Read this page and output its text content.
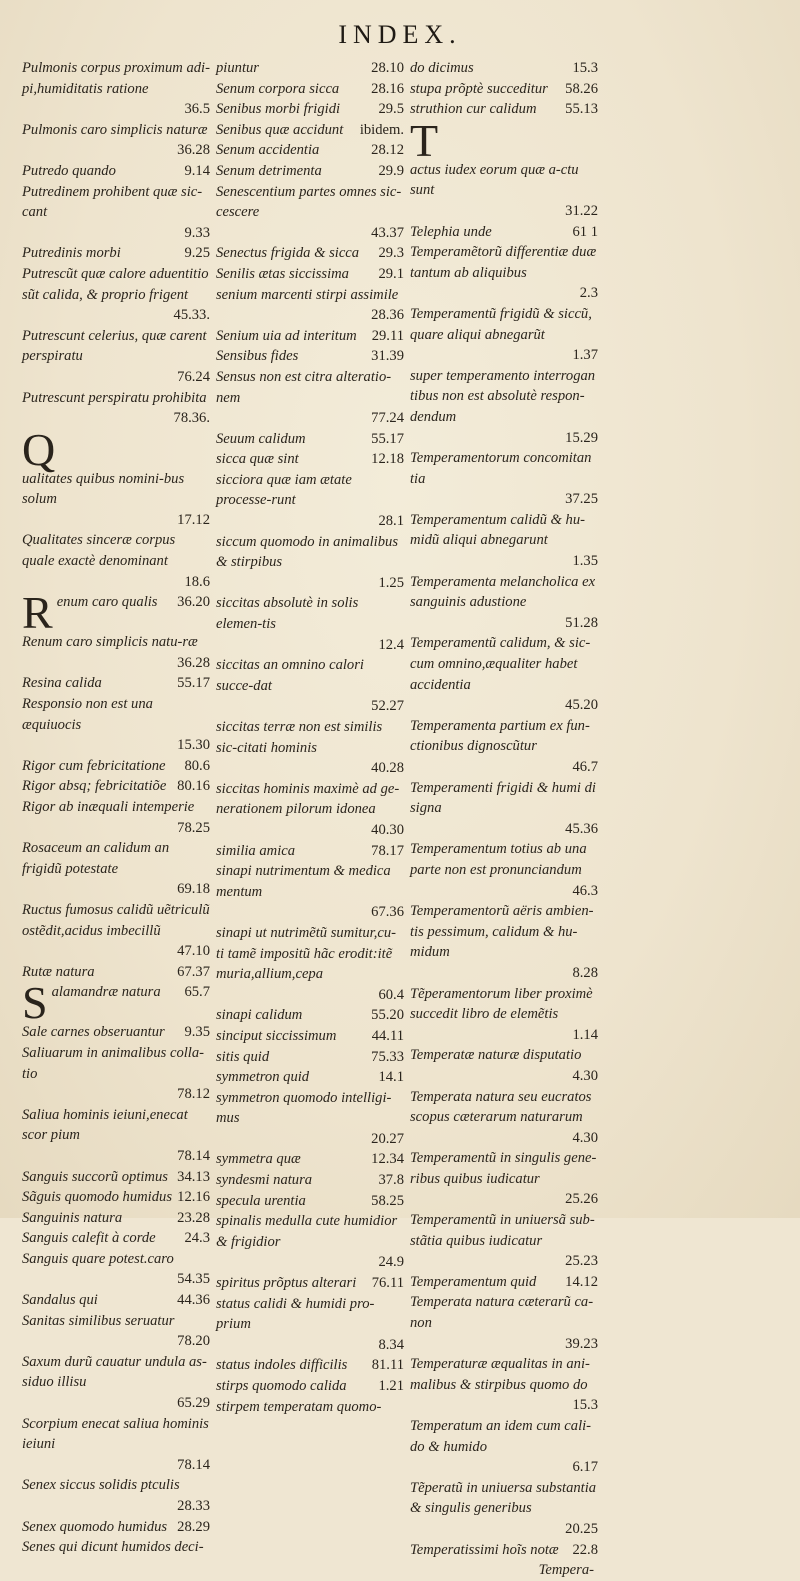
INDEX.
Pulmonis corpus proximum adi-pi,humiditatis ratione
36.5
Pulmonis caro simplicis naturæ
36.28
Putredo quando	9.14
Putredinem prohibent quæ sic-cant
9.33
Putredinis morbi	9.25
Putrescũt quæ calore aduentitio sũt calida, & proprio frigent
45.33.
Putrescunt celerius, quæ carent perspiratu
76.24
Putrescunt perspiratu prohibita
78.36.
Q
ualitates quibus nomini-bus solum
17.12
Qualitates sinceræ corpus quale exactè denominant
18.6
R enum caro qualis 36.20
Renum caro simplicis natu-ræ
36.28
Resina calida	55.17
Responsio non est una æquiuocis
15.30
Rigor cum febricitatione 80.6
Rigor absq; febricitatiõe 80.16
Rigor ab inæquali intemperie
78.25
Rosaceum an calidum an frigidũ potestate
69.18
Ructus fumosus calidũ uẽtriculũ ostẽdit,acidus imbecillũ
47.10
Rutæ natura	67.37
S alamandræ natura 65.7
Sale carnes obseruantur 9.35
Saliuarum in animalibus colla-tio
78.12
Saliua hominis ieiuni,enecat scor pium
78.14
Sanguis succorũ optimus 34.13
Sãguis quomodo humidus 12.16
Sanguinis natura	23.28
Sanguis calefit à corde 24.3
Sanguis quare potest.caro
54.35
Sandalus qui	44.36
Sanitas similibus seruatur
78.20
Saxum durũ cauatur undula as-siduo illisu
65.29
Scorpium enecat saliua hominis ieiuni
78.14
Senex siccus solidis ptculis
28.33
Senex quomodo humidus 28.29
Senes qui dicunt humidos deci-
piuntur	28.10
Senum corpora sicca 28.16
Senibus morbi frigidi	29.5
Senibus quæ accidunt ibidem.
Senum accidentia	28.12
Senum detrimenta	29.9
Senescentium partes omnes sic-cescere
43.37
Senectus frigida & sicca 29.3
Senilis ætas siccissima 29.1
senium marcenti stirpi assimile
28.36
Senium uia ad interitum 29.11
Sensibus fides	31.39
Sensus non est citra alteratio-nem
77.24
Seuum calidum	55.17
sicca quæ sint	12.18
sicciora quæ iam ætate processe-runt
28.1
siccum quomodo in animalibus & stirpibus
1.25
siccitas absolutè in solis elemen-tis
12.4
siccitas an omnino calori succe-dat
52.27
siccitas terræ non est similis sic-citati hominis
40.28
siccitas hominis maximè ad ge-nerationem pilorum idonea
40.30
similia amica	78.17
sinapi nutrimentum & medica mentum
67.36
sinapi ut nutrimẽtũ sumitur,cu-ti tamẽ impositũ hãc erodit:itẽ muria,allium,cepa
60.4
sinapi calidum	55.20
sinciput siccissimum 44.11
sitis quid	75.33
symmetron quid	14.1
symmetron quomodo intelligi-mus
20.27
symmetra quæ	12.34
syndesmi natura	37.8
specula urentia	58.25
spinalis medulla cute humidior & frigidior
24.9
spiritus prõptus alterari 76.11
status calidi & humidi pro-prium
8.34
status indoles difficilis 81.11
stirps quomodo calida 1.21
stirpem temperatam quomo-
do dicimus	15.3
stupa prõptè succeditur 58.26
struthion cur calidum 55.13
T
actus iudex eorum quæ a-ctu sunt
31.22
Telephia unde	61 1
Temperamẽtorũ differentiæ duæ tantum ab aliquibus
2.3
Temperamentũ frigidũ & siccũ, quare aliqui abnegarũt
1.37
super temperamento interrogan tibus non est absolutè respon-dendum
15.29
Temperamentorum concomitan tia
37.25
Temperamentum calidũ & hu-midũ aliqui abnegarunt
1.35
Temperamenta melancholica ex sanguinis adustione
51.28
Temperamentũ calidum, & sic-cum omnino,æqualiter habet accidentia
45.20
Temperamenta partium ex fun-ctionibus dignoscũtur
46.7
Temperamenti frigidi & humi di signa
45.36
Temperamentum totius ab una parte non est pronunciandum
46.3
Temperamentorũ aëris ambien-tis pessimum, calidum & hu-midum
8.28
Tẽperamentorum liber proximè succedit libro de elemẽtis
1.14
Temperatæ naturæ disputatio
4.30
Temperata natura seu eucratos scopus cæterarum naturarum
4.30
Temperamentũ in singulis gene-ribus quibus iudicatur
25.26
Temperamentũ in uniuersã sub-stãtia quibus iudicatur
25.23
Temperamentum quid 14.12
Temperata natura cæterarũ ca-non
39.23
Temperaturæ æqualitas in ani-malibus & stirpibus quomo do
15.3
Temperatum an idem cum cali-do & humido
6.17
Tẽperatũ in uniuersa substantia & singulis generibus
20.25
Temperatissimi hoĩs notæ 22.8
Tempera-
